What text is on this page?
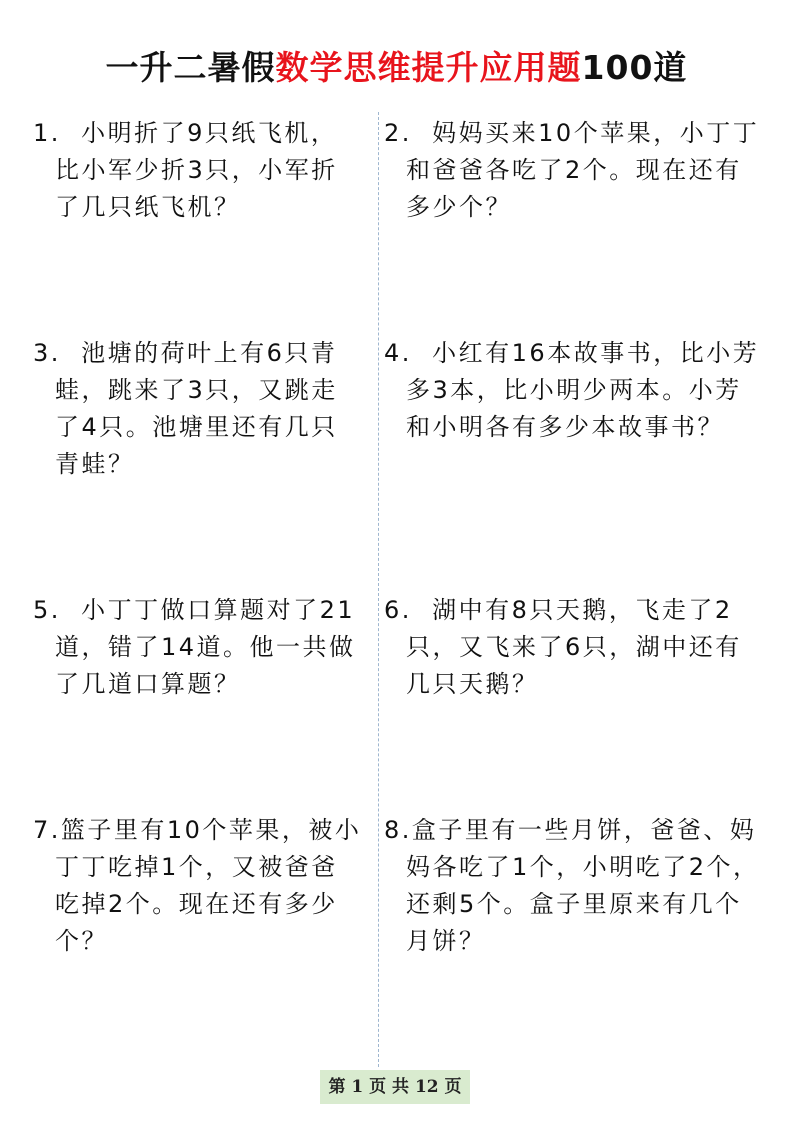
一升二暑假数学思维提升应用题100道
1.  小明折了9只纸飞机，比小军少折3只，小军折了几只纸飞机？
2.  妈妈买来10个苹果，小丁丁和爸爸各吃了2个。现在还有多少个？
3.  池塘的荷叶上有6只青蛙，跳来了3只，又跳走了4只。池塘里还有几只青蛙？
4.  小红有16本故事书，比小芳多3本，比小明少两本。小芳和小明各有多少本故事书？
5.  小丁丁做口算题对了21道，错了14道。他一共做了几道口算题？
6.  湖中有8只天鹅，飞走了2只，又飞来了6只，湖中还有几只天鹅？
7.篮子里有10个苹果，被小丁丁吃掉1个，又被爸爸吃掉2个。现在还有多少个？
8.盒子里有一些月饼，爸爸、妈妈各吃了1个，小明吃了2个，还剩5个。盒子里原来有几个月饼？
第 1 页 共 12 页
